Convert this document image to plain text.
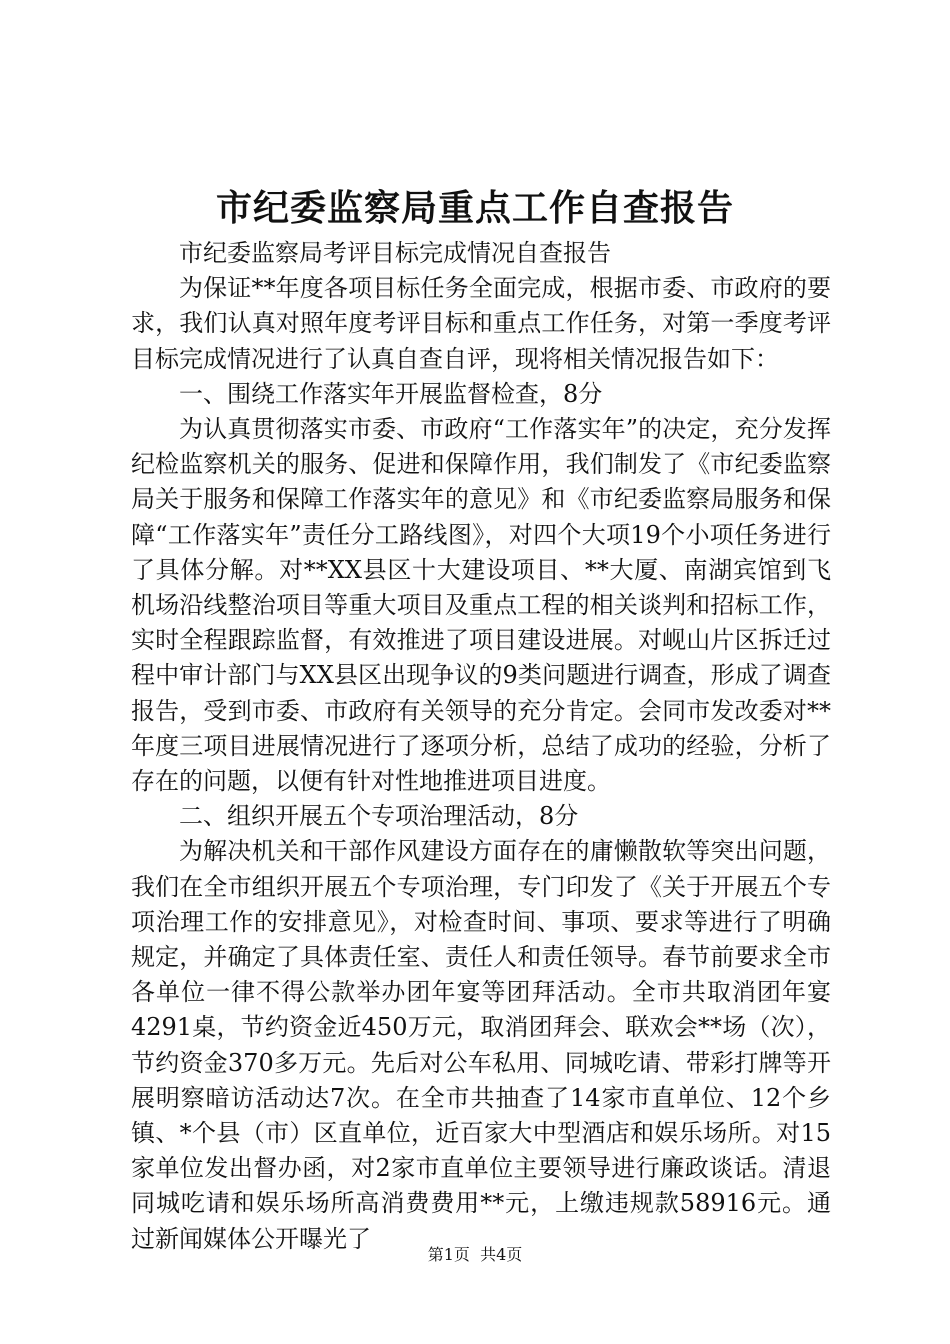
市纪委监察局重点工作自查报告

市纪委监察局考评目标完成情况自查报告

为保证**年度各项目标任务全面完成，根据市委、市政府的要求，我们认真对照年度考评目标和重点工作任务，对第一季度考评目标完成情况进行了认真自查自评，现将相关情况报告如下：

一、围绕工作落实年开展监督检查，8分

为认真贯彻落实市委、市政府“工作落实年”的决定，充分发挥纪检监察机关的服务、促进和保障作用，我们制发了《市纪委监察局关于服务和保障工作落实年的意见》和《市纪委监察局服务和保障“工作落实年”责任分工路线图》，对四个大项19个小项任务进行了具体分解。对**XX县区十大建设项目、**大厦、南湖宾馆到飞机场沿线整治项目等重大项目及重点工程的相关谈判和招标工作，实时全程跟踪监督，有效推进了项目建设进展。对岘山片区拆迁过程中审计部门与XX县区出现争议的9类问题进行调查，形成了调查报告，受到市委、市政府有关领导的充分肯定。会同市发改委对**年度三项目进展情况进行了逐项分析，总结了成功的经验，分析了存在的问题，以便有针对性地推进项目进度。

二、组织开展五个专项治理活动，8分

为解决机关和干部作风建设方面存在的庸懒散软等突出问题，我们在全市组织开展五个专项治理，专门印发了《关于开展五个专项治理工作的安排意见》，对检查时间、事项、要求等进行了明确规定，并确定了具体责任室、责任人和责任领导。春节前要求全市各单位一律不得公款举办团年宴等团拜活动。全市共取消团年宴4291桌，节约资金近450万元，取消团拜会、联欢会**场（次），节约资金370多万元。先后对公车私用、同城吃请、带彩打牌等开展明察暗访活动达7次。在全市共抽查了14家市直单位、12个乡镇、*个县（市）区直单位，近百家大中型酒店和娱乐场所。对15家单位发出督办函，对2家市直单位主要领导进行廉政谈话。清退同城吃请和娱乐场所高消费费用**元，上缴违规款58916元。通过新闻媒体公开曝光了

第1页  共4页
